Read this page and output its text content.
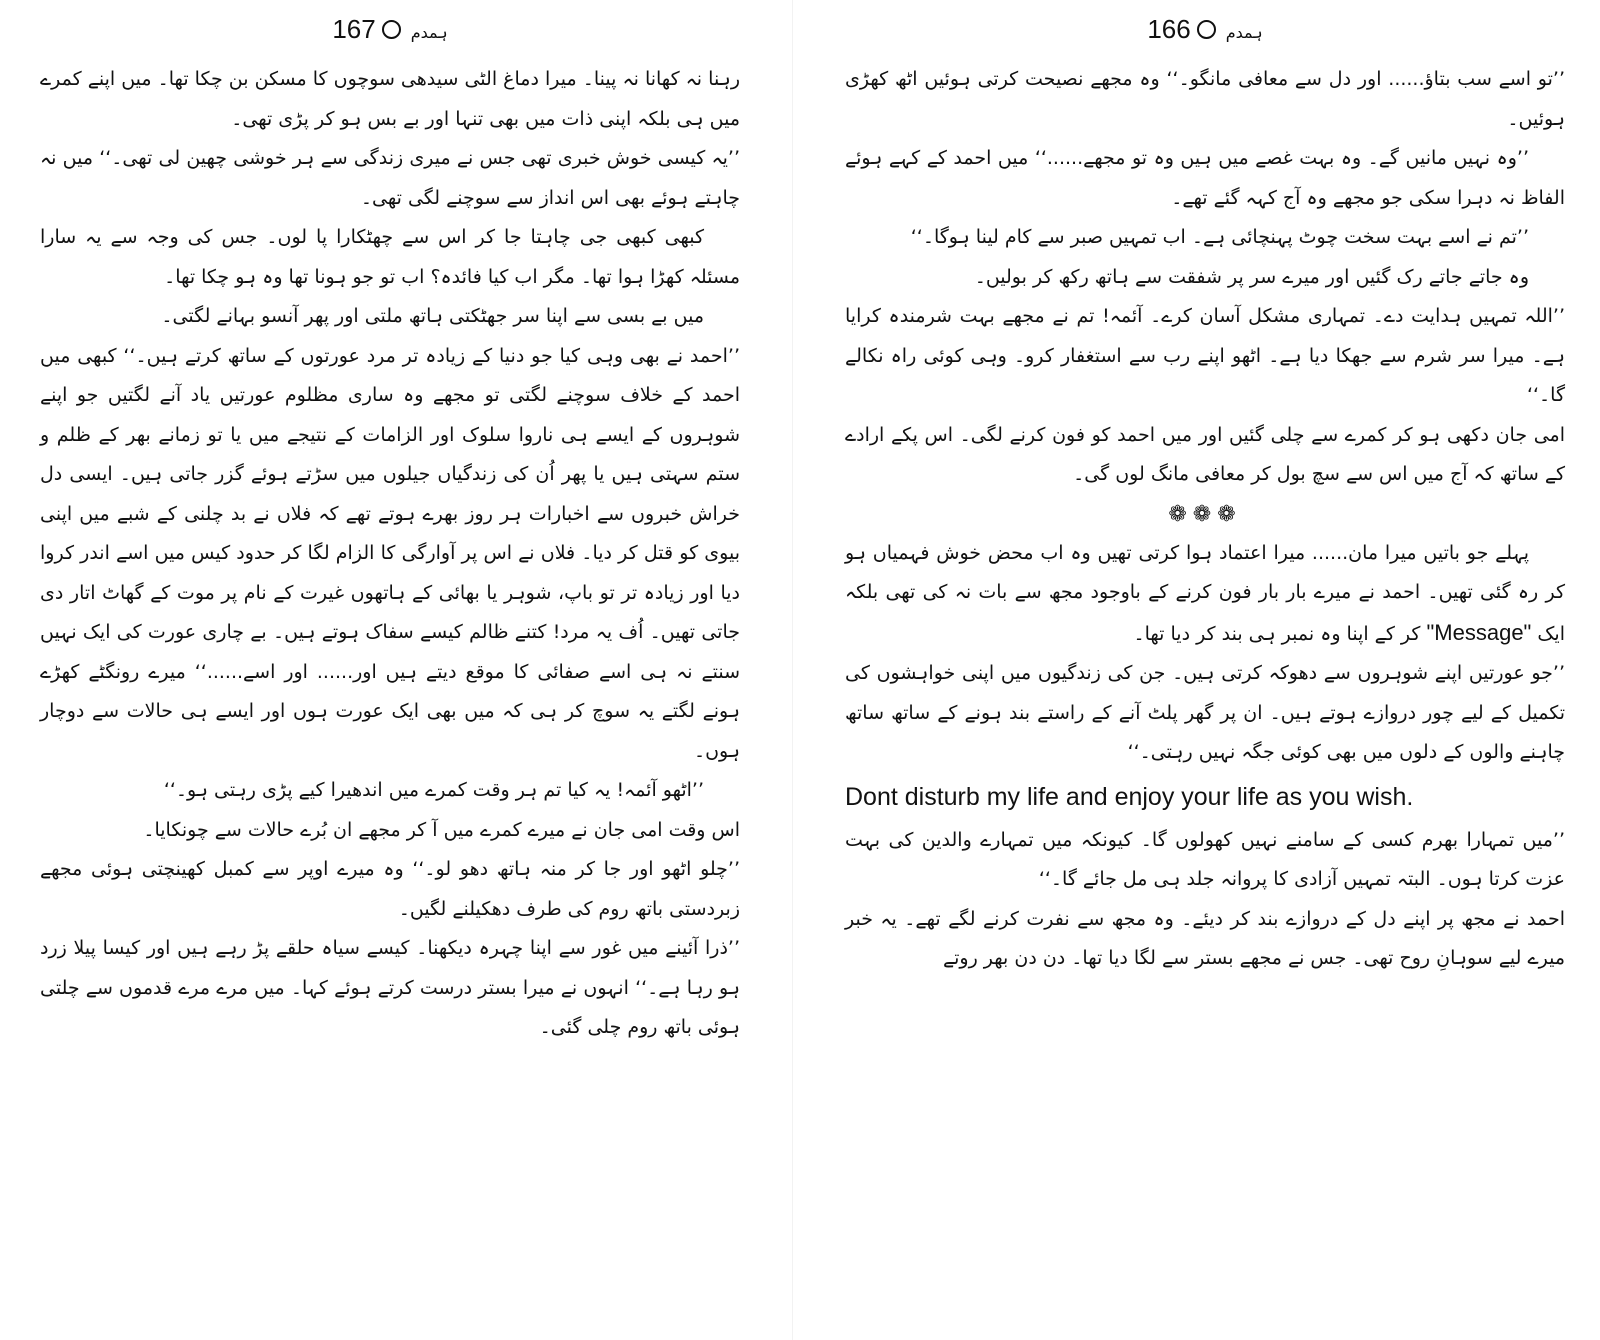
167 ہمدم

رہنا نہ کھانا نہ پینا۔ میرا دماغ الٹی سیدھی سوچوں کا مسکن بن چکا تھا۔ میں اپنے کمرے میں ہی بلکہ اپنی ذات میں بھی تنہا اور بے بس ہو کر پڑی تھی۔

’’یہ کیسی خوش خبری تھی جس نے میری زندگی سے ہر خوشی چھین لی تھی۔‘‘ میں نہ چاہتے ہوئے بھی اس انداز سے سوچنے لگی تھی۔

کبھی کبھی جی چاہتا جا کر اس سے چھٹکارا پا لوں۔ جس کی وجہ سے یہ سارا مسئلہ کھڑا ہوا تھا۔ مگر اب کیا فائدہ؟ اب تو جو ہونا تھا وہ ہو چکا تھا۔

میں بے بسی سے اپنا سر جھٹکتی ہاتھ ملتی اور پھر آنسو بہانے لگتی۔

’’احمد نے بھی وہی کیا جو دنیا کے زیادہ تر مرد عورتوں کے ساتھ کرتے ہیں۔‘‘ کبھی میں احمد کے خلاف سوچنے لگتی تو مجھے وہ ساری مظلوم عورتیں یاد آنے لگتیں جو اپنے شوہروں کے ایسے ہی ناروا سلوک اور الزامات کے نتیجے میں یا تو زمانے بھر کے ظلم و ستم سہتی ہیں یا پھر اُن کی زندگیاں جیلوں میں سڑتے ہوئے گزر جاتی ہیں۔ ایسی دل خراش خبروں سے اخبارات ہر روز بھرے ہوتے تھے کہ فلاں نے بد چلنی کے شبے میں اپنی بیوی کو قتل کر دیا۔ فلاں نے اس پر آوارگی کا الزام لگا کر حدود کیس میں اسے اندر کروا دیا اور زیادہ تر تو باپ، شوہر یا بھائی کے ہاتھوں غیرت کے نام پر موت کے گھاٹ اتار دی جاتی تھیں۔ اُف یہ مرد! کتنے ظالم کیسے سفاک ہوتے ہیں۔ بے چاری عورت کی ایک نہیں سنتے نہ ہی اسے صفائی کا موقع دیتے ہیں اور...... اور اسے......‘‘ میرے رونگٹے کھڑے ہونے لگتے یہ سوچ کر ہی کہ میں بھی ایک عورت ہوں اور ایسے ہی حالات سے دوچار ہوں۔

’’اٹھو آئمہ! یہ کیا تم ہر وقت کمرے میں اندھیرا کیے پڑی رہتی ہو۔‘‘

اس وقت امی جان نے میرے کمرے میں آ کر مجھے ان بُرے حالات سے چونکایا۔

’’چلو اٹھو اور جا کر منہ ہاتھ دھو لو۔‘‘ وہ میرے اوپر سے کمبل کھینچتی ہوئی مجھے زبردستی باتھ روم کی طرف دھکیلنے لگیں۔

’’ذرا آئینے میں غور سے اپنا چہرہ دیکھنا۔ کیسے سیاہ حلقے پڑ رہے ہیں اور کیسا پیلا زرد ہو رہا ہے۔‘‘ انہوں نے میرا بستر درست کرتے ہوئے کہا۔ میں مرے مرے قدموں سے چلتی ہوئی باتھ روم چلی گئی۔

166 ہمدم

’’تو اسے سب بتاؤ...... اور دل سے معافی مانگو۔‘‘ وہ مجھے نصیحت کرتی ہوئیں اٹھ کھڑی ہوئیں۔

’’وہ نہیں مانیں گے۔ وہ بہت غصے میں ہیں وہ تو مجھے......‘‘ میں احمد کے کہے ہوئے الفاظ نہ دہرا سکی جو مجھے وہ آج کہہ گئے تھے۔

’’تم نے اسے بہت سخت چوٹ پہنچائی ہے۔ اب تمہیں صبر سے کام لینا ہوگا۔‘‘

وہ جاتے جاتے رک گئیں اور میرے سر پر شفقت سے ہاتھ رکھ کر بولیں۔

’’اللہ تمہیں ہدایت دے۔ تمہاری مشکل آسان کرے۔ آئمہ! تم نے مجھے بہت شرمندہ کرایا ہے۔ میرا سر شرم سے جھکا دیا ہے۔ اٹھو اپنے رب سے استغفار کرو۔ وہی کوئی راہ نکالے گا۔‘‘

امی جان دکھی ہو کر کمرے سے چلی گئیں اور میں احمد کو فون کرنے لگی۔ اس پکے ارادے کے ساتھ کہ آج میں اس سے سچ بول کر معافی مانگ لوں گی۔

❁❁❁

پہلے جو باتیں میرا مان...... میرا اعتماد ہوا کرتی تھیں وہ اب محض خوش فہمیاں ہو کر رہ گئی تھیں۔ احمد نے میرے بار بار فون کرنے کے باوجود مجھ سے بات نہ کی تھی بلکہ ایک "Message" کر کے اپنا وہ نمبر ہی بند کر دیا تھا۔

’’جو عورتیں اپنے شوہروں سے دھوکہ کرتی ہیں۔ جن کی زندگیوں میں اپنی خواہشوں کی تکمیل کے لیے چور دروازے ہوتے ہیں۔ ان پر گھر پلٹ آنے کے راستے بند ہونے کے ساتھ ساتھ چاہنے والوں کے دلوں میں بھی کوئی جگہ نہیں رہتی۔‘‘

Dont disturb my life and enjoy your life as you wish.

’’میں تمہارا بھرم کسی کے سامنے نہیں کھولوں گا۔ کیونکہ میں تمہارے والدین کی بہت عزت کرتا ہوں۔ البتہ تمہیں آزادی کا پروانہ جلد ہی مل جائے گا۔‘‘

احمد نے مجھ پر اپنے دل کے دروازے بند کر دیئے۔ وہ مجھ سے نفرت کرنے لگے تھے۔ یہ خبر میرے لیے سوہانِ روح تھی۔ جس نے مجھے بستر سے لگا دیا تھا۔ دن دن بھر روتے
